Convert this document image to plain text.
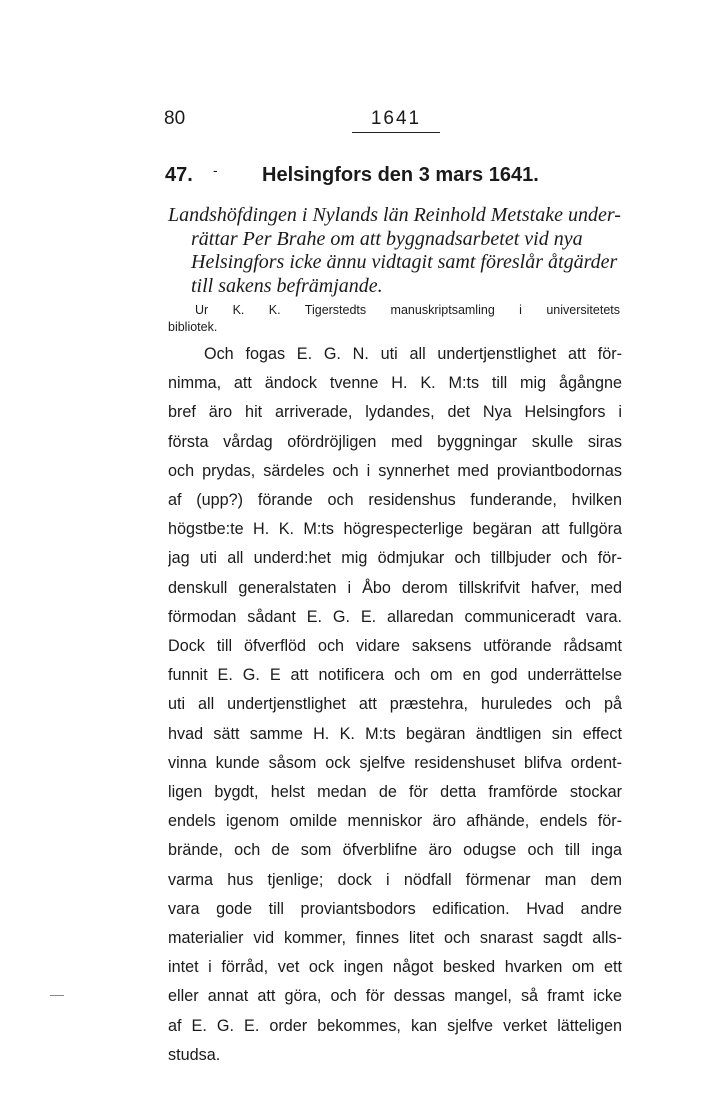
80	1641
47. - Helsingfors den 3 mars 1641.

Landshöfdingen i Nylands län Reinhold Metstake under-
rättar Per Brahe om att byggnadsarbetet vid nya
Helsingfors icke ännu vidtagit samt föreslår åtgärder
till sakens befrämjande.

Ur K. K. Tigerstedts manuskriptsamling i universitetets
bibliotek.

Och fogas E. G. N. uti all undertjenstlighet att för-
nimma, att ändock tvenne H. K. M:ts till mig ågångne
bref äro hit arriverade, lydandes, det Nya Helsingfors i
första vårdag ofördröjligen med byggningar skulle siras
och prydas, särdeles och i synnerhet med proviantbodornas
af (upp?) förande och residenshus funderande, hvilken
högstbe:te H. K. M:ts högrespecterlige begäran att fullgöra
jag uti all underd:het mig ödmjukar och tillbjuder och för-
denskull generalstaten i Åbo derom tillskrifvit hafver, med
förmodan sådant E. G. E. allaredan communiceradt vara.
Dock till öfverflöd och vidare saksens utförande rådsamt
funnit E. G. E att notificera och om en god underrättelse
uti all undertjenstlighet att præstehra, huruledes och på
hvad sätt samme H. K. M:ts begäran ändtligen sin effect
vinna kunde såsom ock sjelfve residenshuset blifva ordent-
ligen bygdt, helst medan de för detta framförde stockar
endels igenom omilde menniskor äro afhände, endels för-
brände, och de som öfverblifne äro odugse och till inga
varma hus tjenlige; dock i nödfall förmenar man dem
vara gode till proviantsbodors edification. Hvad andre
materialier vid kommer, finnes litet och snarast sagdt alls-
intet i förråd, vet ock ingen något besked hvarken om ett
eller annat att göra, och för dessas mangel, så framt icke
af E. G. E. order bekommes, kan sjelfve verket lätteligen
studsa.
